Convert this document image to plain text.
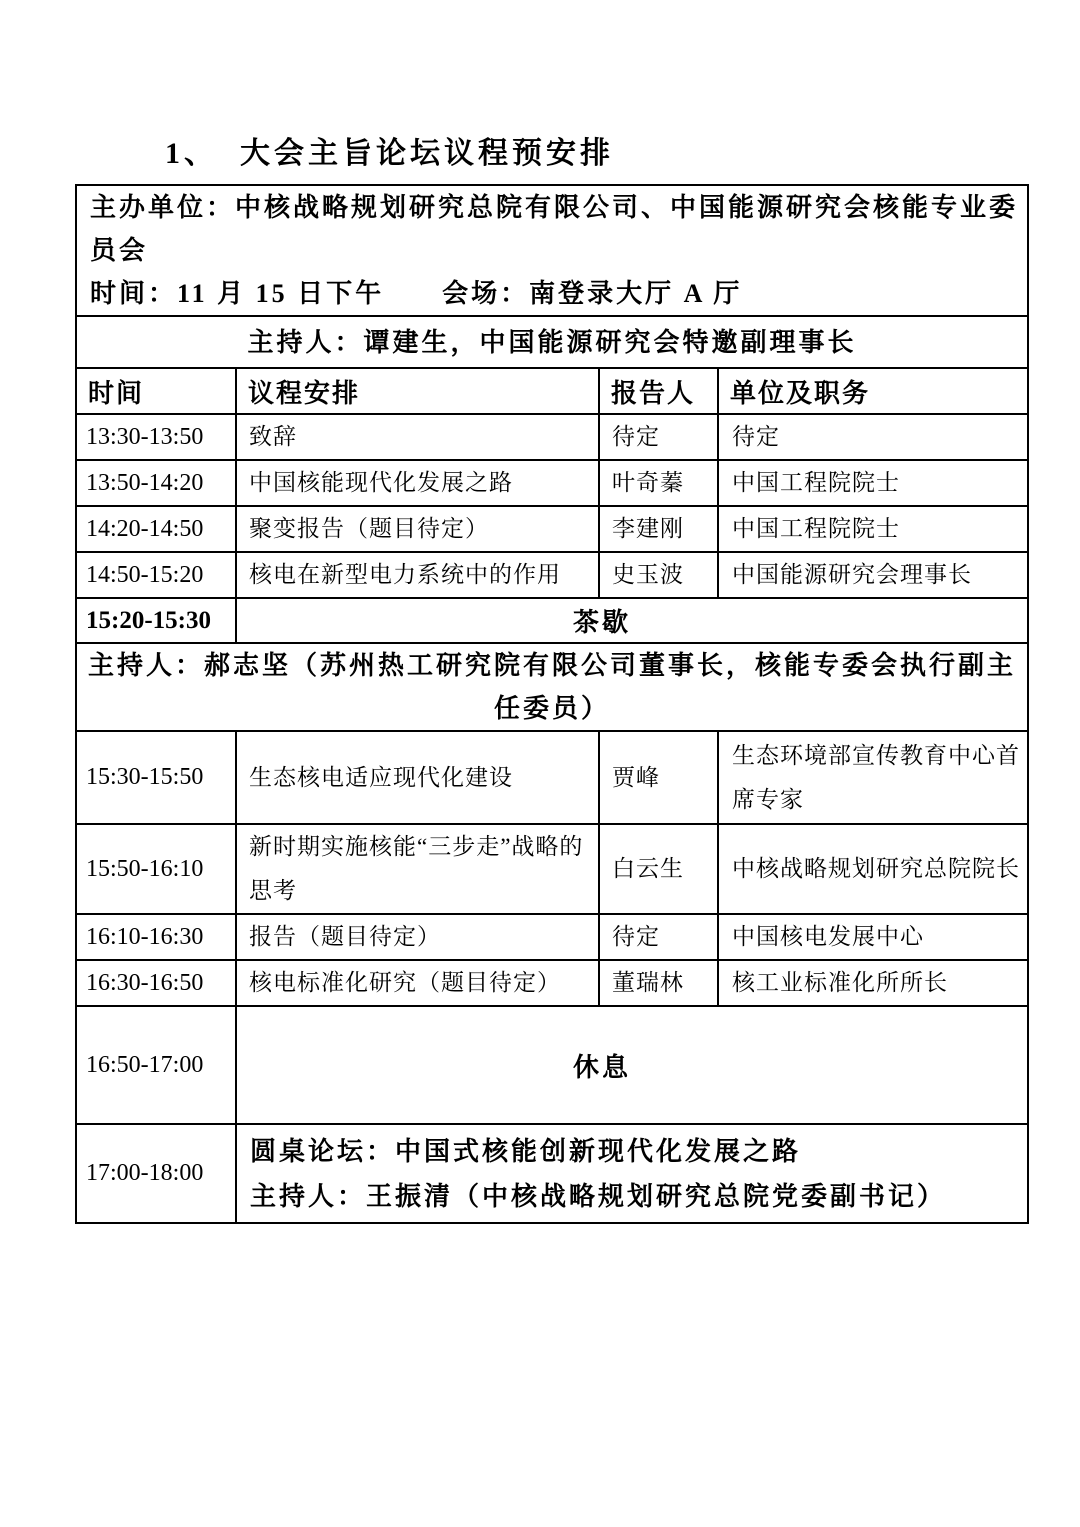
1、 大会主旨论坛议程预安排
主办单位：中核战略规划研究总院有限公司、中国能源研究会核能专业委员会
时间：11 月 15 日下午　　会场：南登录大厅 A 厅			

主持人：谭建生，中国能源研究会特邀副理事长			
时间	议程安排	报告人	单位及职务
13:30-13:50	致辞	待定	待定
13:50-14:20	中国核能现代化发展之路	叶奇蓁	中国工程院院士
14:20-14:50	聚变报告（题目待定）	李建刚	中国工程院院士
14:50-15:20	核电在新型电力系统中的作用	史玉波	中国能源研究会理事长
15:20-15:30	茶歇		
主持人：郝志坚（苏州热工研究院有限公司董事长，核能专委会执行副主任委员）			
15:30-15:50	生态核电适应现代化建设	贾峰	生态环境部宣传教育中心首席专家
15:50-16:10	新时期实施核能“三步走”战略的思考	白云生	中核战略规划研究总院院长
16:10-16:30	报告（题目待定）	待定	中国核电发展中心
16:30-16:50	核电标准化研究（题目待定）	董瑞林	核工业标准化所所长
16:50-17:00	休息		
17:00-18:00	圆桌论坛：中国式核能创新现代化发展之路
主持人：王振清（中核战略规划研究总院党委副书记）		
